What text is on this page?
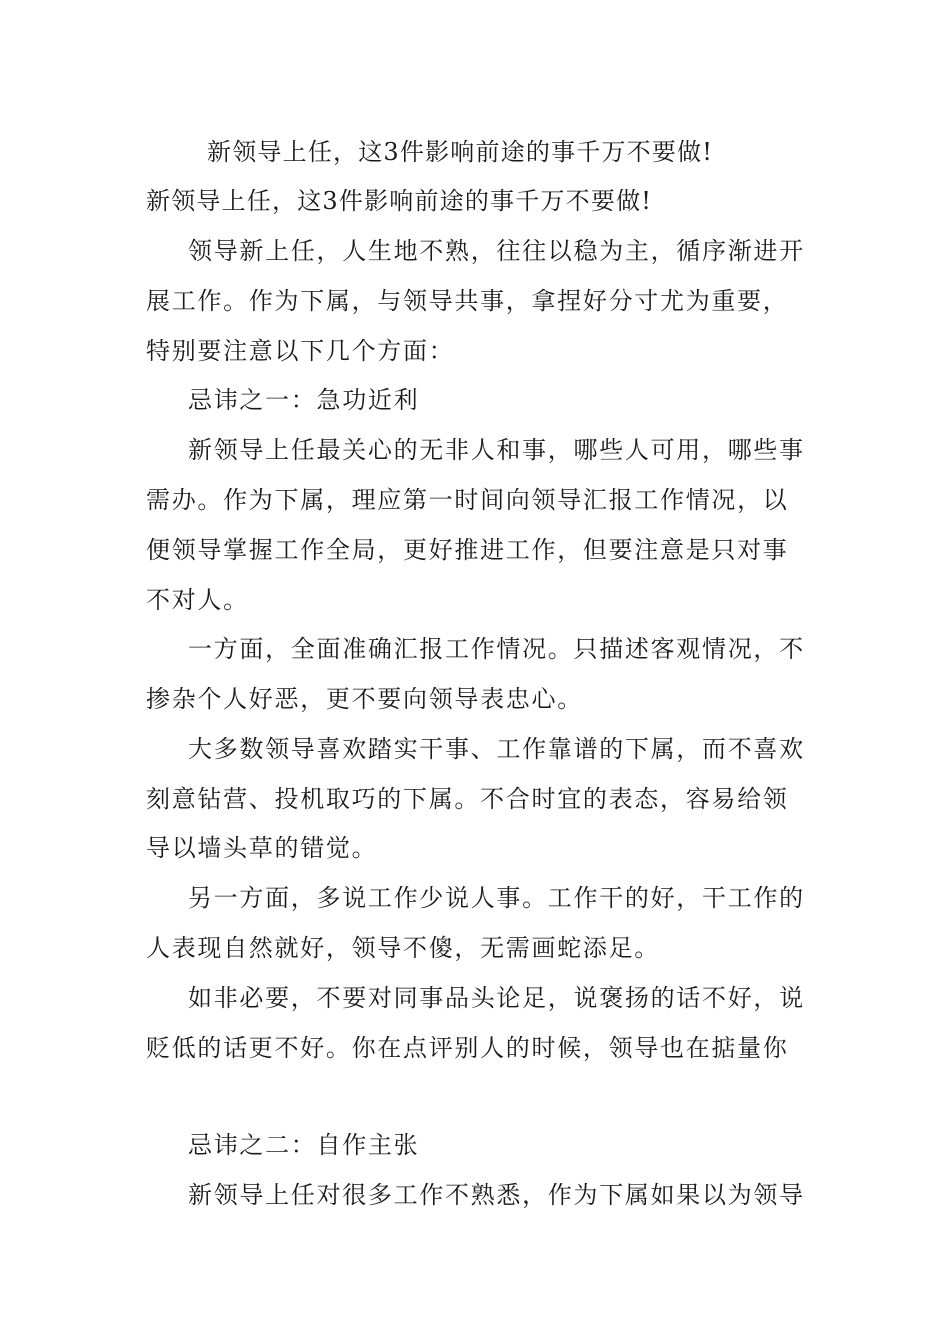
新领导上任，这3件影响前途的事千万不要做!
新领导上任，这3件影响前途的事千万不要做!
领导新上任，人生地不熟，往往以稳为主，循序渐进开
展工作。作为下属，与领导共事，拿捏好分寸尤为重要，
特别要注意以下几个方面：
忌讳之一：急功近利
新领导上任最关心的无非人和事，哪些人可用，哪些事
需办。作为下属，理应第一时间向领导汇报工作情况，以
便领导掌握工作全局，更好推进工作，但要注意是只对事
不对人。
一方面，全面准确汇报工作情况。只描述客观情况，不
掺杂个人好恶，更不要向领导表忠心。
大多数领导喜欢踏实干事、工作靠谱的下属，而不喜欢
刻意钻营、投机取巧的下属。不合时宜的表态，容易给领
导以墙头草的错觉。
另一方面，多说工作少说人事。工作干的好，干工作的
人表现自然就好，领导不傻，无需画蛇添足。
如非必要，不要对同事品头论足，说褒扬的话不好，说
贬低的话更不好。你在点评别人的时候，领导也在掂量你
忌讳之二：自作主张
新领导上任对很多工作不熟悉，作为下属如果以为领导
